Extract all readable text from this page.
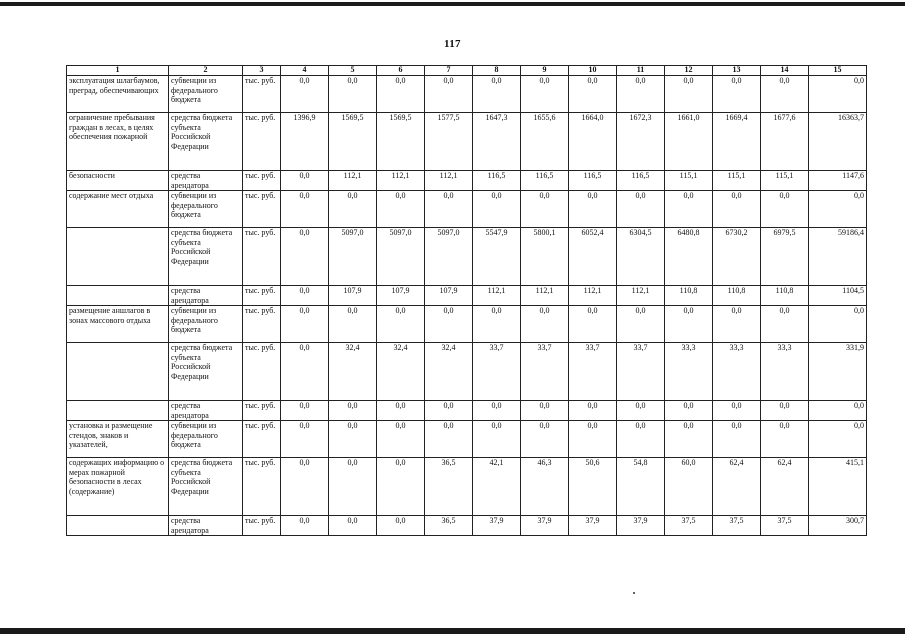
117
1	2	3	4	5	6	7	8	9	10	11	12	13	14	15
эксплуатация шлагбаумов, преград, обеспечивающих	субвенции из федерального бюджета	тыс. руб.	0,0	0,0	0,0	0,0	0,0	0,0	0,0	0,0	0,0	0,0	0,0	0,0
ограничение пребывания граждан в лесах, в целях обеспечения пожарной	средства бюджета субъекта Российской Федерации	тыс. руб.	1396,9	1569,5	1569,5	1577,5	1647,3	1655,6	1664,0	1672,3	1661,0	1669,4	1677,6	16363,7
безопасности	средства арендатора	тыс. руб.	0,0	112,1	112,1	112,1	116,5	116,5	116,5	116,5	115,1	115,1	115,1	1147,6
содержание мест отдыха	субвенции из федерального бюджета	тыс. руб.	0,0	0,0	0,0	0,0	0,0	0,0	0,0	0,0	0,0	0,0	0,0	0,0
	средства бюджета субъекта Российской Федерации	тыс. руб.	0,0	5097,0	5097,0	5097,0	5547,9	5800,1	6052,4	6304,5	6480,8	6730,2	6979,5	59186,4
	средства арендатора	тыс. руб.	0,0	107,9	107,9	107,9	112,1	112,1	112,1	112,1	110,8	110,8	110,8	1104,5
размещение аншлагов в зонах массового отдыха	субвенции из федерального бюджета	тыс. руб.	0,0	0,0	0,0	0,0	0,0	0,0	0,0	0,0	0,0	0,0	0,0	0,0
	средства бюджета субъекта Российской Федерации	тыс. руб.	0,0	32,4	32,4	32,4	33,7	33,7	33,7	33,7	33,3	33,3	33,3	331,9
	средства арендатора	тыс. руб.	0,0	0,0	0,0	0,0	0,0	0,0	0,0	0,0	0,0	0,0	0,0	0,0
установка и размещение стендов, знаков и указателей,	субвенции из федерального бюджета	тыс. руб.	0,0	0,0	0,0	0,0	0,0	0,0	0,0	0,0	0,0	0,0	0,0	0,0
содержащих информацию о мерах пожарной безопасности в лесах (содержание)	средства бюджета субъекта Российской Федерации	тыс. руб.	0,0	0,0	0,0	36,5	42,1	46,3	50,6	54,8	60,0	62,4	62,4	415,1
	средства арендатора	тыс. руб.	0,0	0,0	0,0	36,5	37,9	37,9	37,9	37,9	37,5	37,5	37,5	300,7
